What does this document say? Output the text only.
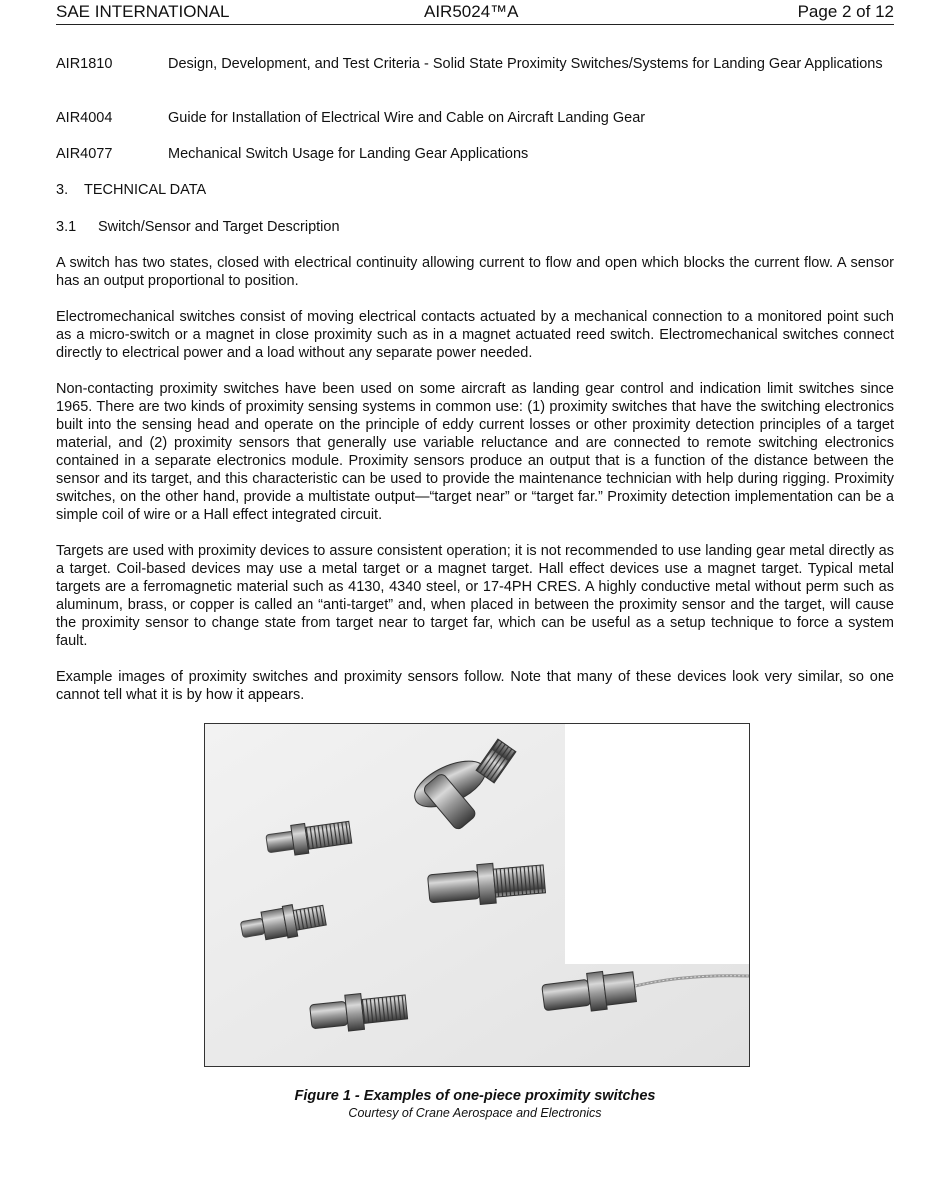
SAE INTERNATIONAL	AIR5024™A	Page 2 of 12
AIR1810	Design, Development, and Test Criteria - Solid State Proximity Switches/Systems for Landing Gear Applications
AIR4004	Guide for Installation of Electrical Wire and Cable on Aircraft Landing Gear
AIR4077	Mechanical Switch Usage for Landing Gear Applications
3. TECHNICAL DATA
3.1 Switch/Sensor and Target Description

A switch has two states, closed with electrical continuity allowing current to flow and open which blocks the current flow. A sensor has an output proportional to position.

Electromechanical switches consist of moving electrical contacts actuated by a mechanical connection to a monitored point such as a micro-switch or a magnet in close proximity such as in a magnet actuated reed switch. Electromechanical switches connect directly to electrical power and a load without any separate power needed.

Non-contacting proximity switches have been used on some aircraft as landing gear control and indication limit switches since 1965. There are two kinds of proximity sensing systems in common use: (1) proximity switches that have the switching electronics built into the sensing head and operate on the principle of eddy current losses or other proximity detection principles of a target material, and (2) proximity sensors that generally use variable reluctance and are connected to remote switching electronics contained in a separate electronics module. Proximity sensors produce an output that is a function of the distance between the sensor and its target, and this characteristic can be used to provide the maintenance technician with help during rigging. Proximity switches, on the other hand, provide a multistate output—“target near” or “target far.” Proximity detection implementation can be a simple coil of wire or a Hall effect integrated circuit.

Targets are used with proximity devices to assure consistent operation; it is not recommended to use landing gear metal directly as a target. Coil-based devices may use a metal target or a magnet target. Hall effect devices use a magnet target. Typical metal targets are a ferromagnetic material such as 4130, 4340 steel, or 17-4PH CRES. A highly conductive metal without perm such as aluminum, brass, or copper is called an “anti-target” and, when placed in between the proximity sensor and the target, will cause the proximity sensor to change state from target near to target far, which can be useful as a setup technique to force a system fault.

Example images of proximity switches and proximity sensors follow. Note that many of these devices look very similar, so one cannot tell what it is by how it appears.

Figure 1 - Examples of one-piece proximity switches
Courtesy of Crane Aerospace and Electronics
